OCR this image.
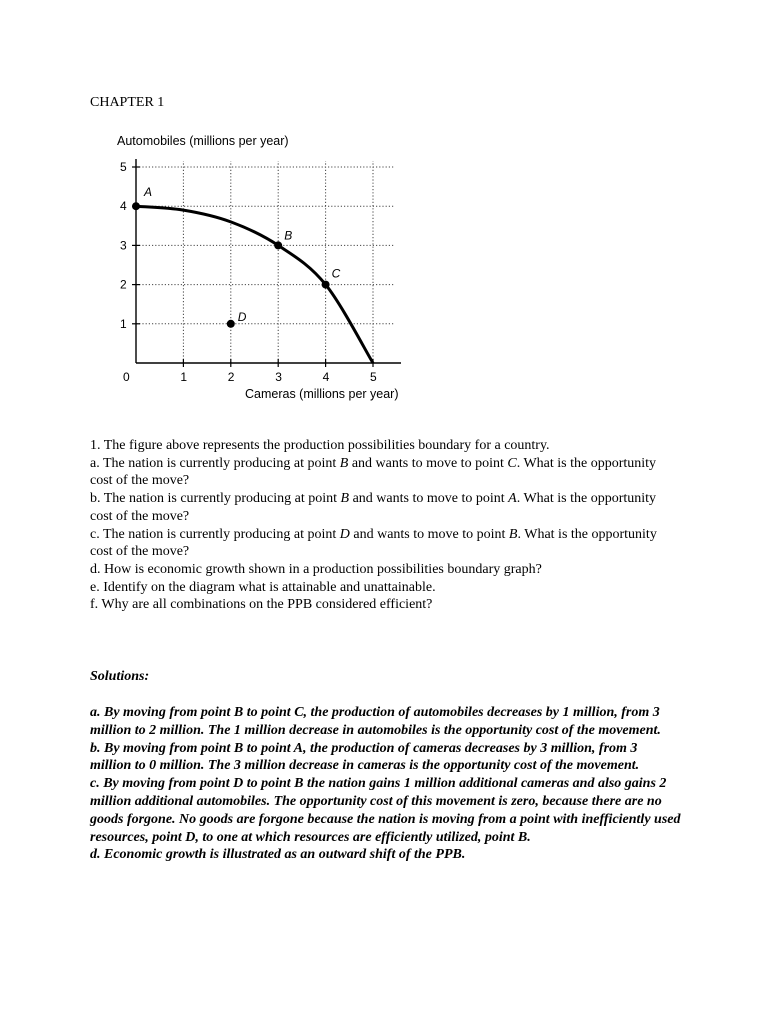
CHAPTER 1
Automobiles (millions per year)
1
2
3
4
5
1	2	3	4	5
A
B
C
D
0
Cameras (millions per year)

1. The figure above represents the production possibilities boundary for a country.

a. The nation is currently producing at point B and wants to move to point C. What is the opportunity cost of the move?

b. The nation is currently producing at point B and wants to move to point A. What is the opportunity cost of the move?

c. The nation is currently producing at point D and wants to move to point B. What is the opportunity cost of the move?

d. How is economic growth shown in a production possibilities boundary graph?

e. Identify on the diagram what is attainable and unattainable.

f. Why are all combinations on the PPB considered efficient?

Solutions:

a. By moving from point B to point C, the production of automobiles decreases by 1 million, from 3 million to 2 million. The 1 million decrease in automobiles is the opportunity cost of the movement.

b. By moving from point B to point A, the production of cameras decreases by 3 million, from 3 million to 0 million. The 3 million decrease in cameras is the opportunity cost of the movement.

c. By moving from point D to point B the nation gains 1 million additional cameras and also gains 2 million additional automobiles. The opportunity cost of this movement is zero, because there are no goods forgone. No goods are forgone because the nation is moving from a point with inefficiently used resources, point D, to one at which resources are efficiently utilized, point B.

d. Economic growth is illustrated as an outward shift of the PPB.
